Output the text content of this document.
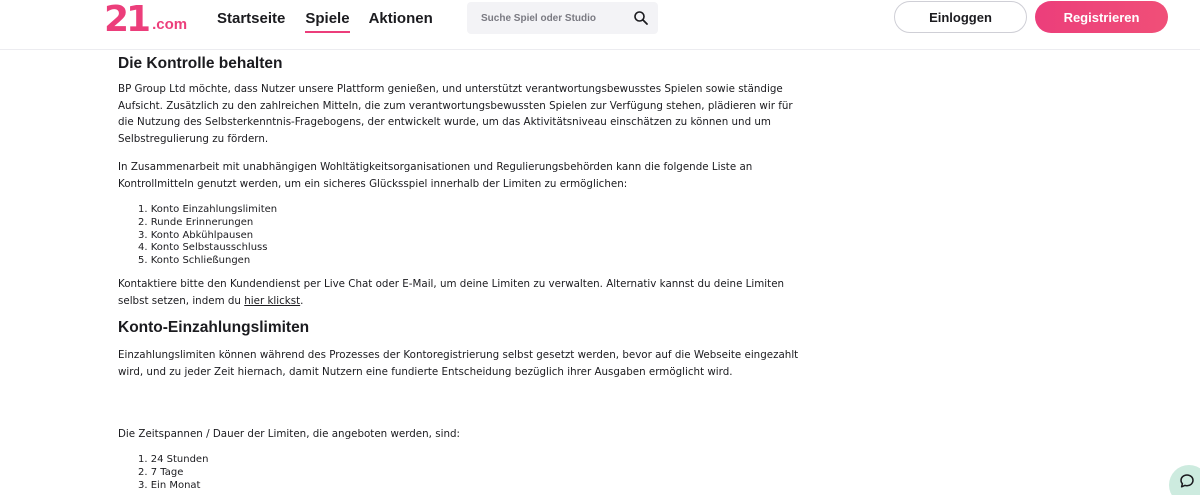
21 .com Startseite Spiele Aktionen
Suche Spiel oder Studio	Einloggen	Registrieren
Die Kontrolle behalten

BP Group Ltd möchte, dass Nutzer unsere Plattform genießen, und unterstützt verantwortungsbewusstes Spielen sowie ständige Aufsicht. Zusätzlich zu den zahlreichen Mitteln, die zum verantwortungsbewussten Spielen zur Verfügung stehen, plädieren wir für die Nutzung des Selbsterkenntnis-Fragebogens, der entwickelt wurde, um das Aktivitätsniveau einschätzen zu können und um Selbstregulierung zu fördern.

In Zusammenarbeit mit unabhängigen Wohltätigkeitsorganisationen und Regulierungsbehörden kann die folgende Liste an Kontrollmitteln genutzt werden, um ein sicheres Glücksspiel innerhalb der Limiten zu ermöglichen:

1. Konto Einzahlungslimiten
2. Runde Erinnerungen
3. Konto Abkühlpausen
4. Konto Selbstausschluss
5. Konto Schließungen

Kontaktiere bitte den Kundendienst per Live Chat oder E-Mail, um deine Limiten zu verwalten. Alternativ kannst du deine Limiten selbst setzen, indem du hier klickst.

Konto-Einzahlungslimiten

Einzahlungslimiten können während des Prozesses der Kontoregistrierung selbst gesetzt werden, bevor auf die Webseite eingezahlt wird, und zu jeder Zeit hiernach, damit Nutzern eine fundierte Entscheidung bezüglich ihrer Ausgaben ermöglicht wird.

Die Zeitspannen / Dauer der Limiten, die angeboten werden, sind:

1. 24 Stunden
2. 7 Tage
3. Ein Monat
